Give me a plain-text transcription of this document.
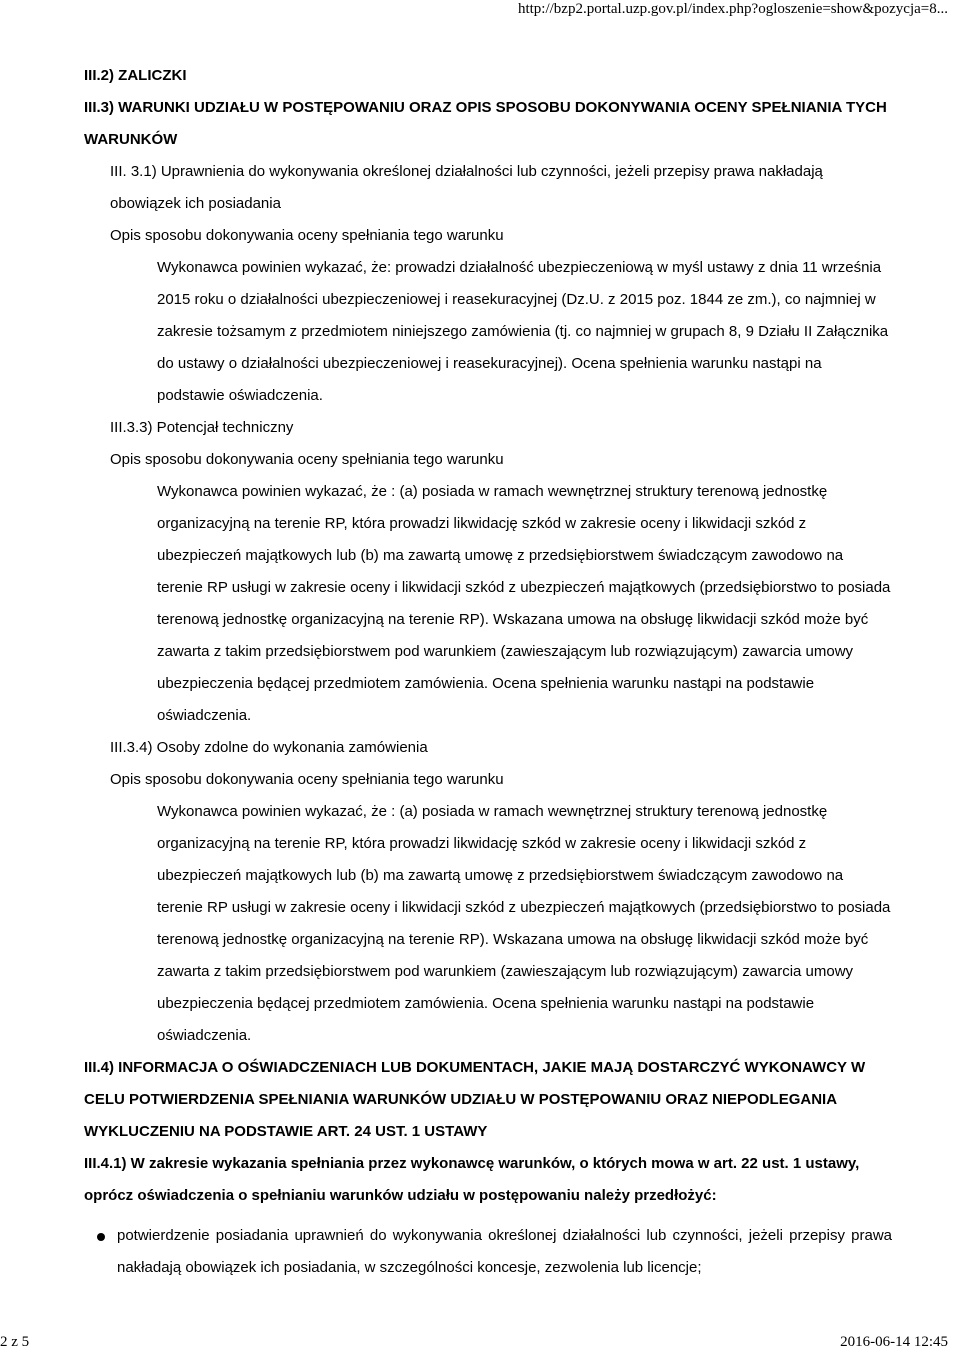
http://bzp2.portal.uzp.gov.pl/index.php?ogloszenie=show&pozycja=8...

III.2) ZALICZKI

III.3) WARUNKI UDZIAŁU W POSTĘPOWANIU ORAZ OPIS SPOSOBU DOKONYWANIA OCENY SPEŁNIANIA TYCH WARUNKÓW

III. 3.1) Uprawnienia do wykonywania określonej działalności lub czynności, jeżeli przepisy prawa nakładają obowiązek ich posiadania

Opis sposobu dokonywania oceny spełniania tego warunku

Wykonawca powinien wykazać, że: prowadzi działalność ubezpieczeniową w myśl ustawy z dnia 11 września 2015 roku o działalności ubezpieczeniowej i reasekuracyjnej (Dz.U. z 2015 poz. 1844 ze zm.), co najmniej w zakresie tożsamym z przedmiotem niniejszego zamówienia (tj. co najmniej w grupach 8, 9 Działu II Załącznika do ustawy o działalności ubezpieczeniowej i reasekuracyjnej). Ocena spełnienia warunku nastąpi na podstawie oświadczenia.

III.3.3) Potencjał techniczny

Opis sposobu dokonywania oceny spełniania tego warunku

Wykonawca powinien wykazać, że : (a) posiada w ramach wewnętrznej struktury terenową jednostkę organizacyjną na terenie RP, która prowadzi likwidację szkód w zakresie oceny i likwidacji szkód z ubezpieczeń majątkowych lub (b) ma zawartą umowę z przedsiębiorstwem świadczącym zawodowo na terenie RP usługi w zakresie oceny i likwidacji szkód z ubezpieczeń majątkowych (przedsiębiorstwo to posiada terenową jednostkę organizacyjną na terenie RP). Wskazana umowa na obsługę likwidacji szkód może być zawarta z takim przedsiębiorstwem pod warunkiem (zawieszającym lub rozwiązującym) zawarcia umowy ubezpieczenia będącej przedmiotem zamówienia. Ocena spełnienia warunku nastąpi na podstawie oświadczenia.

III.3.4) Osoby zdolne do wykonania zamówienia

Opis sposobu dokonywania oceny spełniania tego warunku

Wykonawca powinien wykazać, że : (a) posiada w ramach wewnętrznej struktury terenową jednostkę organizacyjną na terenie RP, która prowadzi likwidację szkód w zakresie oceny i likwidacji szkód z ubezpieczeń majątkowych lub (b) ma zawartą umowę z przedsiębiorstwem świadczącym zawodowo na terenie RP usługi w zakresie oceny i likwidacji szkód z ubezpieczeń majątkowych (przedsiębiorstwo to posiada terenową jednostkę organizacyjną na terenie RP). Wskazana umowa na obsługę likwidacji szkód może być zawarta z takim przedsiębiorstwem pod warunkiem (zawieszającym lub rozwiązującym) zawarcia umowy ubezpieczenia będącej przedmiotem zamówienia. Ocena spełnienia warunku nastąpi na podstawie oświadczenia.

III.4) INFORMACJA O OŚWIADCZENIACH LUB DOKUMENTACH, JAKIE MAJĄ DOSTARCZYĆ WYKONAWCY W CELU POTWIERDZENIA SPEŁNIANIA WARUNKÓW UDZIAŁU W POSTĘPOWANIU ORAZ NIEPODLEGANIA WYKLUCZENIU NA PODSTAWIE ART. 24 UST. 1 USTAWY

III.4.1) W zakresie wykazania spełniania przez wykonawcę warunków, o których mowa w art. 22 ust. 1 ustawy, oprócz oświadczenia o spełnianiu warunków udziału w postępowaniu należy przedłożyć:

potwierdzenie posiadania uprawnień do wykonywania określonej działalności lub czynności, jeżeli przepisy prawa nakładają obowiązek ich posiadania, w szczególności koncesje, zezwolenia lub licencje;
2 z 5	2016-06-14 12:45
